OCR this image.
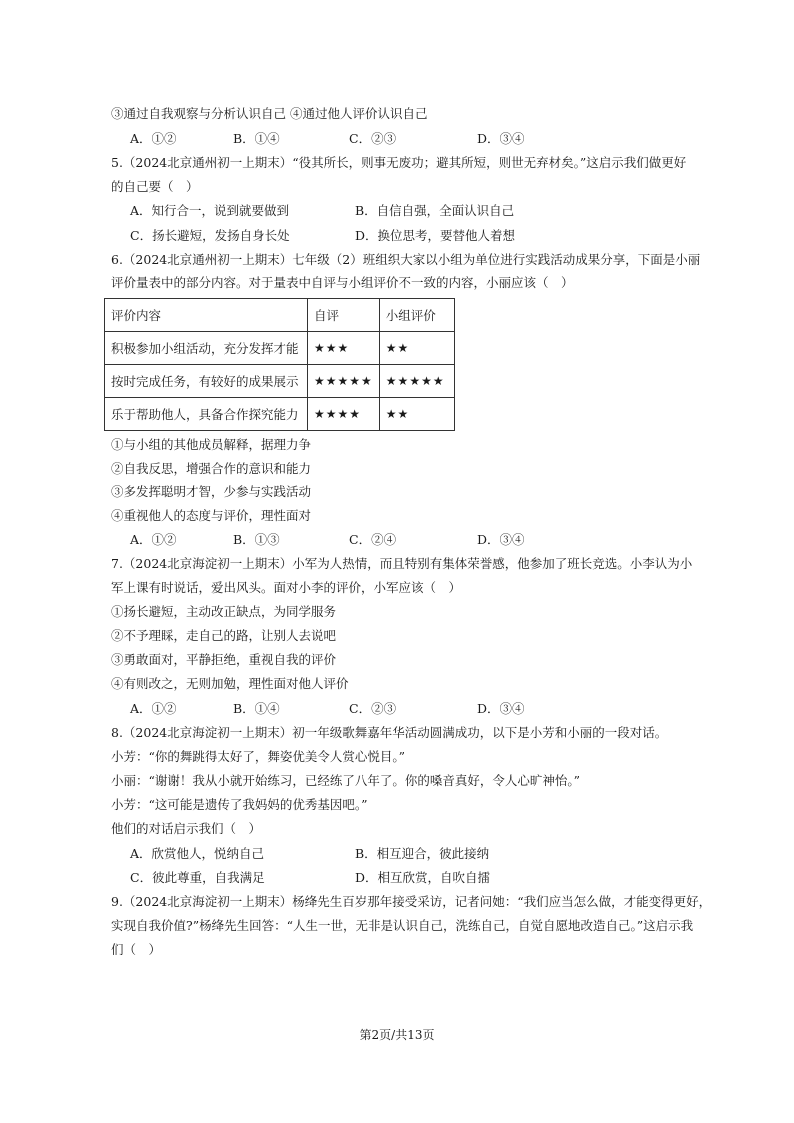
③通过自我观察与分析认识自己 ④通过他人评价认识自己
A．①②	B．①④	C．②③	D．③④
5.（2024北京通州初一上期末）“役其所长，则事无废功；避其所短，则世无弃材矣。”这启示我们做更好
的自己要（　）
A．知行合一，说到就要做到	B．自信自强，全面认识自己
C．扬长避短，发扬自身长处	D．换位思考，要替他人着想
6.（2024北京通州初一上期末）七年级（2）班组织大家以小组为单位进行实践活动成果分享，下面是小丽
评价量表中的部分内容。对于量表中自评与小组评价不一致的内容，小丽应该（　）
评价内容	自评	小组评价
积极参加小组活动，充分发挥才能	★★★	★★
按时完成任务，有较好的成果展示	★★★★★	★★★★★
乐于帮助他人，具备合作探究能力	★★★★	★★
①与小组的其他成员解释，据理力争
②自我反思，增强合作的意识和能力
③多发挥聪明才智，少参与实践活动
④重视他人的态度与评价，理性面对
A．①②	B．①③	C．②④	D．③④
7.（2024北京海淀初一上期末）小军为人热情，而且特别有集体荣誉感，他参加了班长竞选。小李认为小
军上课有时说话，爱出风头。面对小李的评价，小军应该（　）
①扬长避短，主动改正缺点，为同学服务
②不予理睬，走自己的路，让别人去说吧
③勇敢面对，平静拒绝，重视自我的评价
④有则改之，无则加勉，理性面对他人评价
A．①②	B．①④	C．②③	D．③④
8.（2024北京海淀初一上期末）初一年级歌舞嘉年华活动圆满成功，以下是小芳和小丽的一段对话。
小芳：“你的舞跳得太好了，舞姿优美令人赏心悦目。”
小丽：“谢谢！我从小就开始练习，已经练了八年了。你的嗓音真好，令人心旷神怡。”
小芳：“这可能是遗传了我妈妈的优秀基因吧。”
他们的对话启示我们（　）
A．欣赏他人，悦纳自己	B．相互迎合，彼此接纳
C．彼此尊重，自我满足	D．相互欣赏，自吹自擂
9.（2024北京海淀初一上期末）杨绛先生百岁那年接受采访，记者问她：“我们应当怎么做，才能变得更好，
实现自我价值?”杨绛先生回答：“人生一世，无非是认识自己，洗练自己，自觉自愿地改造自己。”这启示我
们（　）
第2页/共13页
